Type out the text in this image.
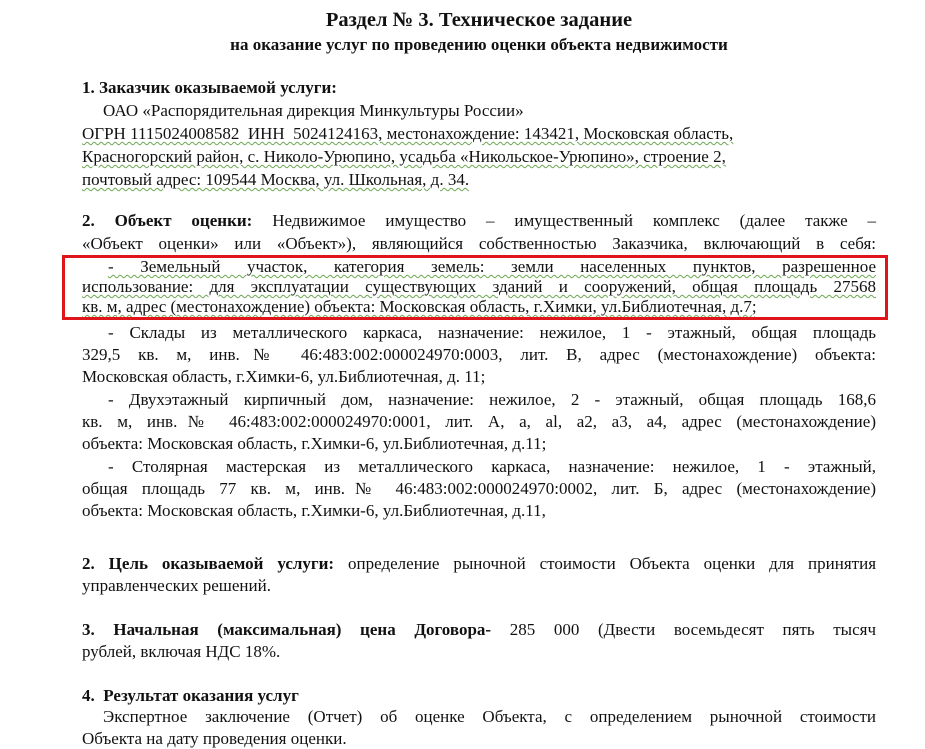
Раздел № 3. Техническое задание
на оказание услуг по проведению оценки объекта недвижимости
1. Заказчик оказываемой услуги:
ОАО «Распорядительная дирекция Минкультуры России»
ОГРН 1115024008582  ИНН  5024124163, местонахождение: 143421, Московская область,
Красногорский район, с. Николо-Урюпино, усадьба «Никольское-Урюпино», строение 2,
почтовый адрес: 109544 Москва, ул. Школьная, д. 34.
2. Объект оценки: Недвижимое имущество – имущественный комплекс (далее также –
«Объект оценки» или «Объект»), являющийся собственностью Заказчика, включающий в себя:
- Земельный участок, категория земель: земли населенных пунктов, разрешенное
использование: для эксплуатации существующих зданий и сооружений, общая площадь 27568
кв. м, адрес (местонахождение) объекта: Московская область, г.Химки, ул.Библиотечная, д.7;
- Склады из металлического каркаса, назначение: нежилое, 1 - этажный, общая площадь
329,5 кв. м, инв.№ 46:483:002:000024970:0003, лит. В, адрес (местонахождение) объекта:
Московская область, г.Химки-6, ул.Библиотечная, д. 11;
- Двухэтажный кирпичный дом, назначение: нежилое, 2 - этажный, общая площадь 168,6
кв. м, инв.№ 46:483:002:000024970:0001, лит. А, а, al, а2, а3, а4, адрес (местонахождение)
объекта: Московская область, г.Химки-6, ул.Библиотечная, д.11;
- Столярная мастерская из металлического каркаса, назначение: нежилое, 1 - этажный,
общая площадь 77 кв. м, инв.№ 46:483:002:000024970:0002, лит. Б, адрес (местонахождение)
объекта: Московская область, г.Химки-6, ул.Библиотечная, д.11,
2. Цель оказываемой услуги: определение рыночной стоимости Объекта оценки для принятия
управленческих решений.
3. Начальная (максимальная) цена Договора- 285 000 (Двести восемьдесят пять тысяч
рублей, включая НДС 18%.
4.  Результат оказания услуг
Экспертное заключение (Отчет) об оценке Объекта, с определением рыночной стоимости
Объекта на дату проведения оценки.
